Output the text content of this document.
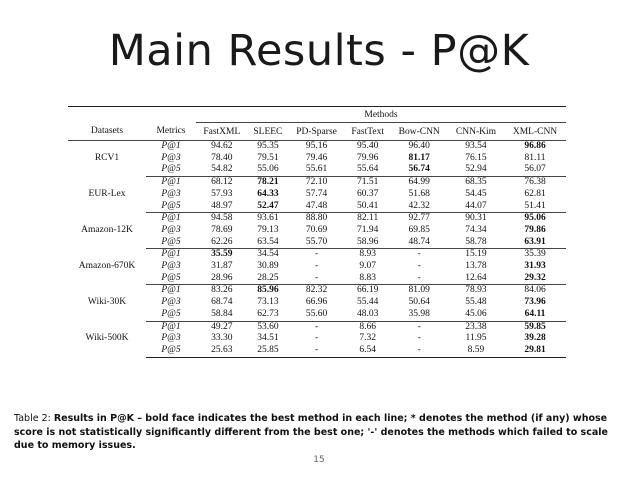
Main Results - P@K
		Methods						
Datasets	Metrics	FastXML	SLEEC	PD-Sparse	FastText	Bow-CNN	CNN-Kim	XML-CNN
RCV1	P@1	94.62	95.35	95.16	95.40	96.40	93.54	96.86
	P@3	78.40	79.51	79.46	79.96	81.17	76.15	81.11
	P@5	54.82	55.06	55.61	55.64	56.74	52.94	56.07
EUR-Lex	P@1	68.12	78.21	72.10	71.51	64.99	68.35	76.38
	P@3	57.93	64.33	57.74	60.37	51.68	54.45	62.81
	P@5	48.97	52.47	47.48	50.41	42.32	44.07	51.41
Amazon-12K	P@1	94.58	93.61	88.80	82.11	92.77	90.31	95.06
	P@3	78.69	79.13	70.69	71.94	69.85	74.34	79.86
	P@5	62.26	63.54	55.70	58.96	48.74	58.78	63.91
Amazon-670K	P@1	35.59	34.54	-	8.93	-	15.19	35.39
	P@3	31.87	30.89	-	9.07	-	13.78	31.93
	P@5	28.96	28.25	-	8.83	-	12.64	29.32
Wiki-30K	P@1	83.26	85.96	82.32	66.19	81.09	78.93	84.06
	P@3	68.74	73.13	66.96	55.44	50.64	55.48	73.96
	P@5	58.84	62.73	55.60	48.03	35.98	45.06	64.11
Wiki-500K	P@1	49.27	53.60	-	8.66	-	23.38	59.85
	P@3	33.30	34.51	-	7.32	-	11.95	39.28
	P@5	25.63	25.85	-	6.54	-	8.59	29.81
Table 2: Results in P@K – bold face indicates the best method in each line; * denotes the method (if any) whose score is not statistically significantly different from the best one; '-' denotes the methods which failed to scale due to memory issues.
15
